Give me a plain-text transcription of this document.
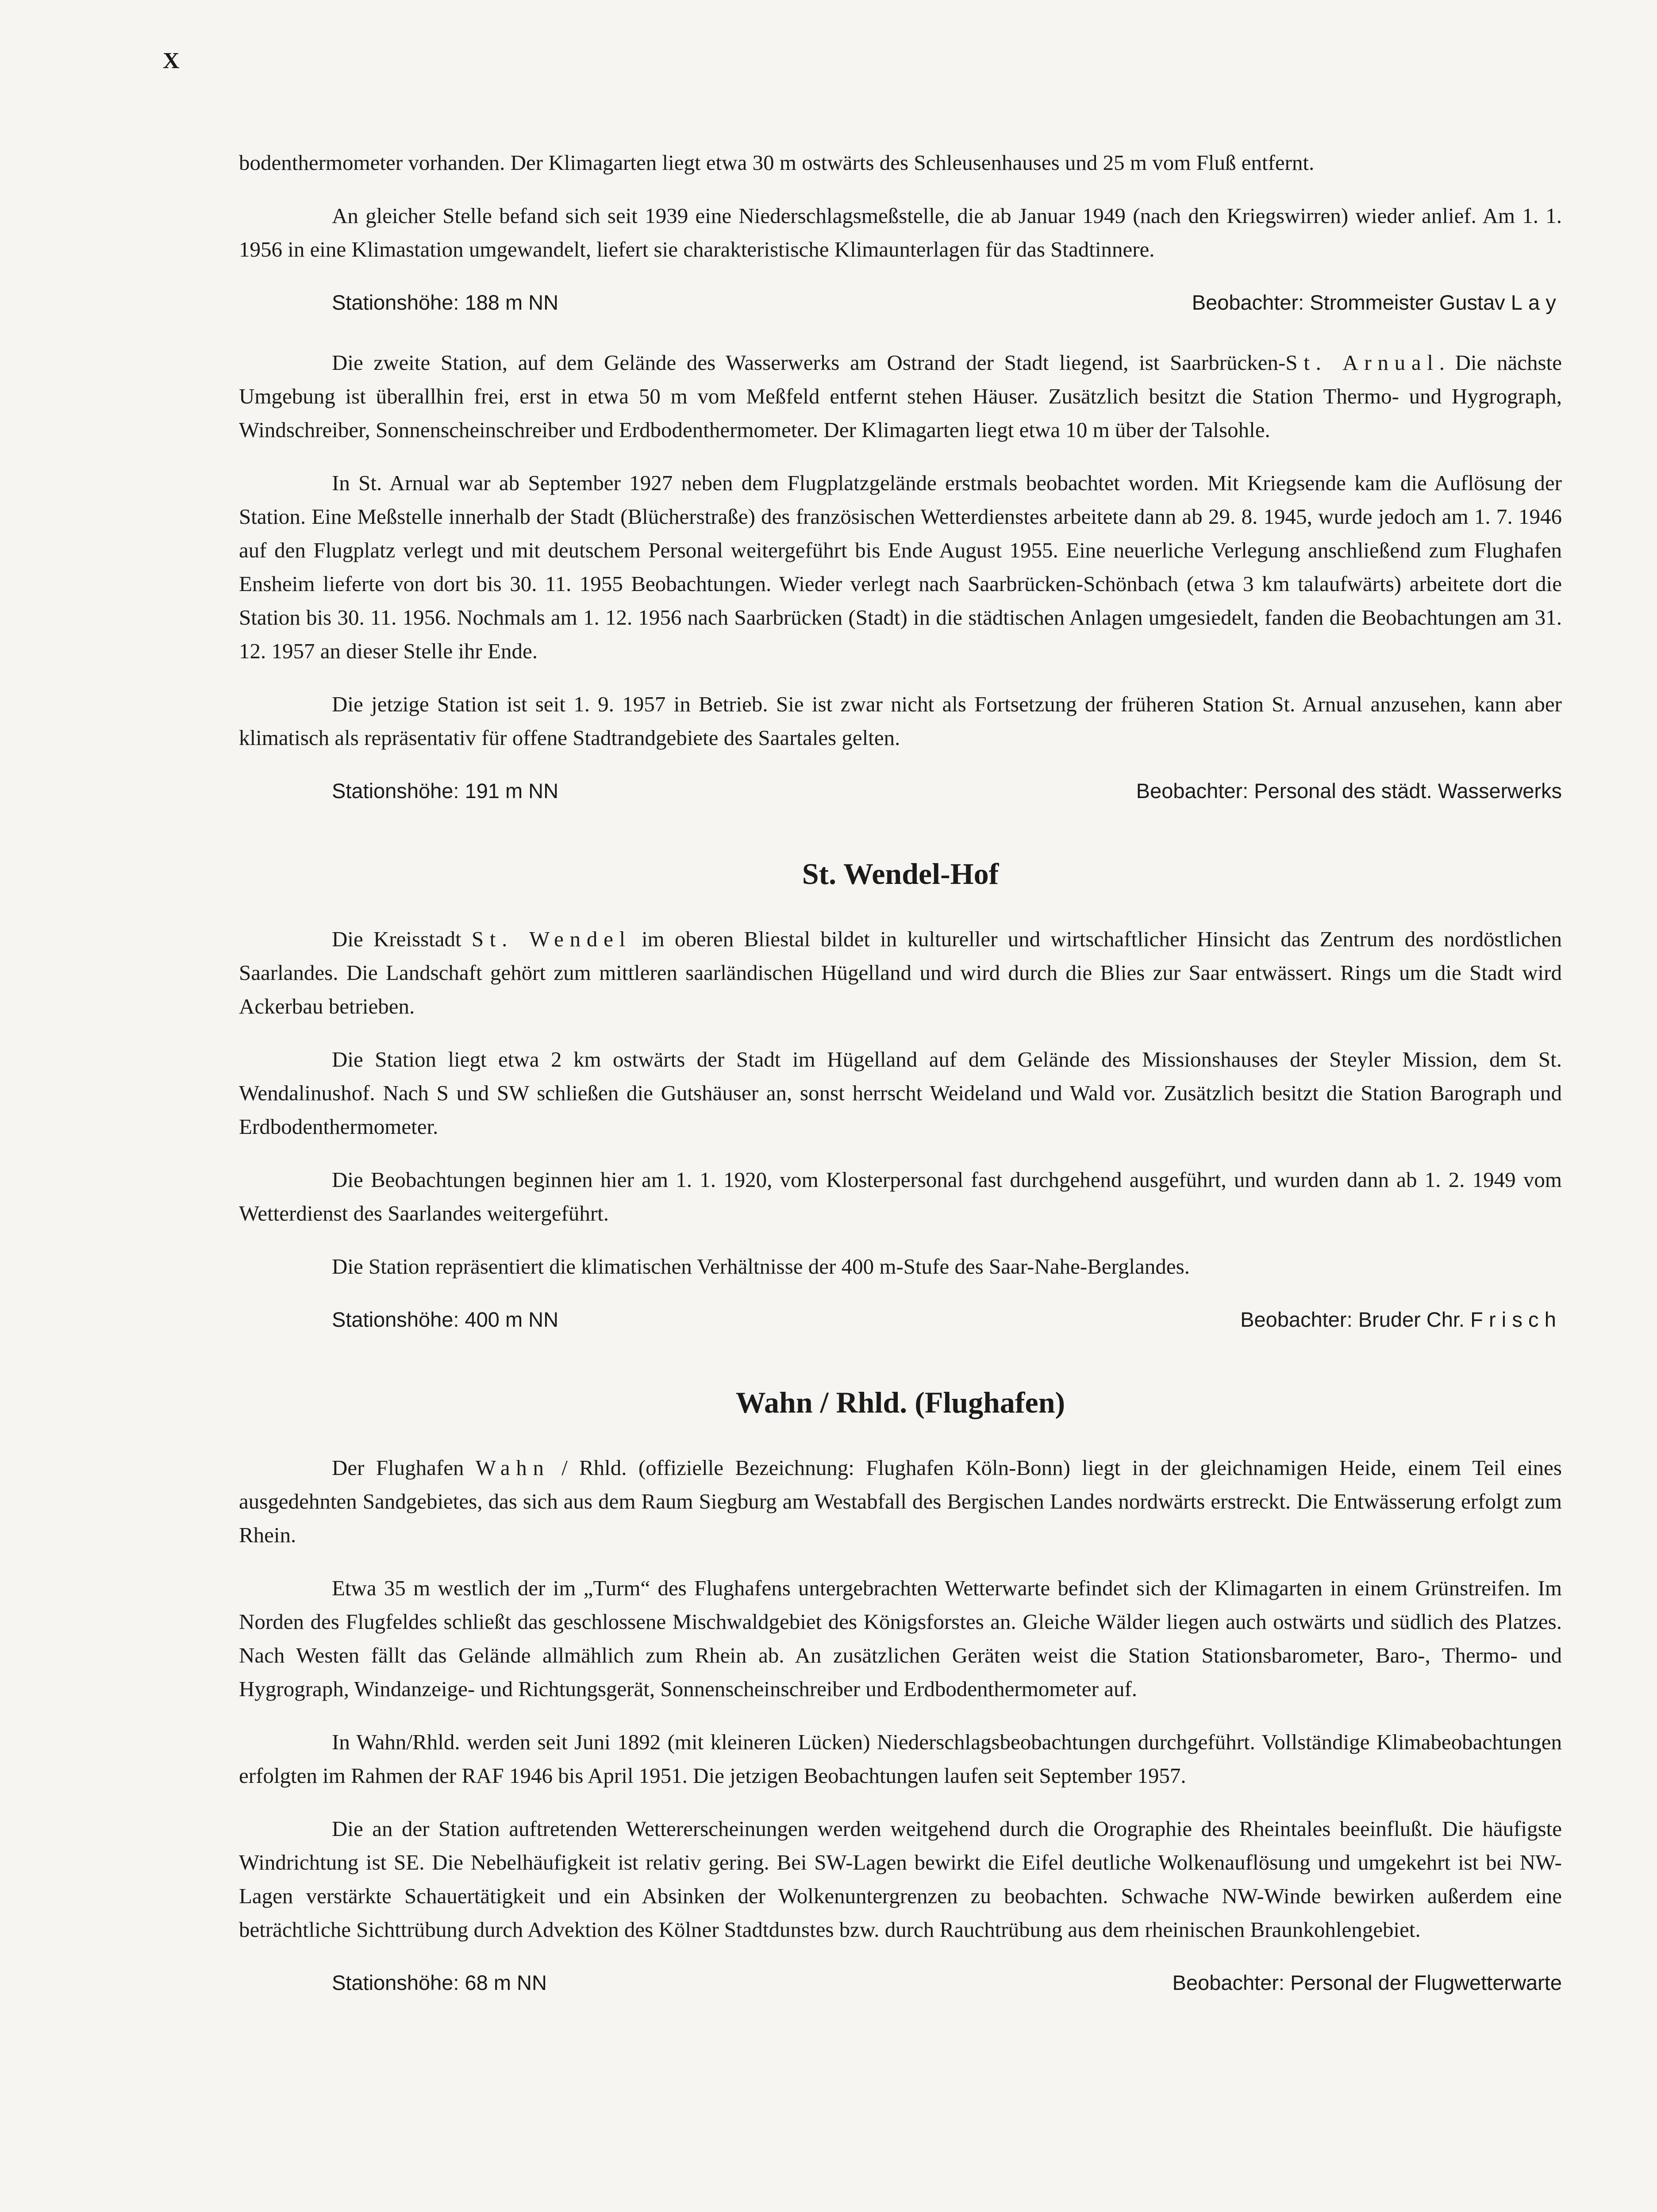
X

bodenthermometer vorhanden. Der Klimagarten liegt etwa 30 m ostwärts des Schleusenhauses und 25 m vom Fluß entfernt.

An gleicher Stelle befand sich seit 1939 eine Niederschlagsmeßstelle, die ab Januar 1949 (nach den Kriegswirren) wieder anlief. Am 1. 1. 1956 in eine Klimastation umgewandelt, liefert sie charakteristische Klimaunterlagen für das Stadtinnere.

Stationshöhe: 188 m NN	Beobachter: Strommeister Gustav Lay

Die zweite Station, auf dem Gelände des Wasserwerks am Ostrand der Stadt liegend, ist Saarbrücken-St. Arnual. Die nächste Umgebung ist überallhin frei, erst in etwa 50 m vom Meßfeld entfernt stehen Häuser. Zusätzlich besitzt die Station Thermo- und Hygrograph, Windschreiber, Sonnenscheinschreiber und Erdbodenthermometer. Der Klimagarten liegt etwa 10 m über der Talsohle.

In St. Arnual war ab September 1927 neben dem Flugplatzgelände erstmals beobachtet worden. Mit Kriegsende kam die Auflösung der Station. Eine Meßstelle innerhalb der Stadt (Blücherstraße) des französischen Wetterdienstes arbeitete dann ab 29. 8. 1945, wurde jedoch am 1. 7. 1946 auf den Flugplatz verlegt und mit deutschem Personal weitergeführt bis Ende August 1955. Eine neuerliche Verlegung anschließend zum Flughafen Ensheim lieferte von dort bis 30. 11. 1955 Beobachtungen. Wieder verlegt nach Saarbrücken-Schönbach (etwa 3 km talaufwärts) arbeitete dort die Station bis 30. 11. 1956. Nochmals am 1. 12. 1956 nach Saarbrücken (Stadt) in die städtischen Anlagen umgesiedelt, fanden die Beobachtungen am 31. 12. 1957 an dieser Stelle ihr Ende.

Die jetzige Station ist seit 1. 9. 1957 in Betrieb. Sie ist zwar nicht als Fortsetzung der früheren Station St. Arnual anzusehen, kann aber klimatisch als repräsentativ für offene Stadtrandgebiete des Saartales gelten.

Stationshöhe: 191 m NN	Beobachter: Personal des städt. Wasserwerks
St. Wendel-Hof

Die Kreisstadt St. Wendel im oberen Bliestal bildet in kultureller und wirtschaftlicher Hinsicht das Zentrum des nordöstlichen Saarlandes. Die Landschaft gehört zum mittleren saarländischen Hügelland und wird durch die Blies zur Saar entwässert. Rings um die Stadt wird Ackerbau betrieben.

Die Station liegt etwa 2 km ostwärts der Stadt im Hügelland auf dem Gelände des Missionshauses der Steyler Mission, dem St. Wendalinushof. Nach S und SW schließen die Gutshäuser an, sonst herrscht Weideland und Wald vor. Zusätzlich besitzt die Station Barograph und Erdbodenthermometer.

Die Beobachtungen beginnen hier am 1. 1. 1920, vom Klosterpersonal fast durchgehend ausgeführt, und wurden dann ab 1. 2. 1949 vom Wetterdienst des Saarlandes weitergeführt.

Die Station repräsentiert die klimatischen Verhältnisse der 400 m-Stufe des Saar-Nahe-Berglandes.

Stationshöhe: 400 m NN	Beobachter: Bruder Chr. Frisch
Wahn / Rhld. (Flughafen)

Der Flughafen Wahn / Rhld. (offizielle Bezeichnung: Flughafen Köln-Bonn) liegt in der gleichnamigen Heide, einem Teil eines ausgedehnten Sandgebietes, das sich aus dem Raum Siegburg am Westabfall des Bergischen Landes nordwärts erstreckt. Die Entwässerung erfolgt zum Rhein.

Etwa 35 m westlich der im „Turm“ des Flughafens untergebrachten Wetterwarte befindet sich der Klimagarten in einem Grünstreifen. Im Norden des Flugfeldes schließt das geschlossene Mischwaldgebiet des Königsforstes an. Gleiche Wälder liegen auch ostwärts und südlich des Platzes. Nach Westen fällt das Gelände allmählich zum Rhein ab. An zusätzlichen Geräten weist die Station Stationsbarometer, Baro-, Thermo- und Hygrograph, Windanzeige- und Richtungsgerät, Sonnenscheinschreiber und Erdbodenthermometer auf.

In Wahn/Rhld. werden seit Juni 1892 (mit kleineren Lücken) Niederschlagsbeobachtungen durchgeführt. Vollständige Klimabeobachtungen erfolgten im Rahmen der RAF 1946 bis April 1951. Die jetzigen Beobachtungen laufen seit September 1957.

Die an der Station auftretenden Wettererscheinungen werden weitgehend durch die Orographie des Rheintales beeinflußt. Die häufigste Windrichtung ist SE. Die Nebelhäufigkeit ist relativ gering. Bei SW-Lagen bewirkt die Eifel deutliche Wolkenauflösung und umgekehrt ist bei NW-Lagen verstärkte Schauertätigkeit und ein Absinken der Wolkenuntergrenzen zu beobachten. Schwache NW-Winde bewirken außerdem eine beträchtliche Sichttrübung durch Advektion des Kölner Stadtdunstes bzw. durch Rauchtrübung aus dem rheinischen Braunkohlengebiet.

Stationshöhe: 68 m NN	Beobachter: Personal der Flugwetterwarte
